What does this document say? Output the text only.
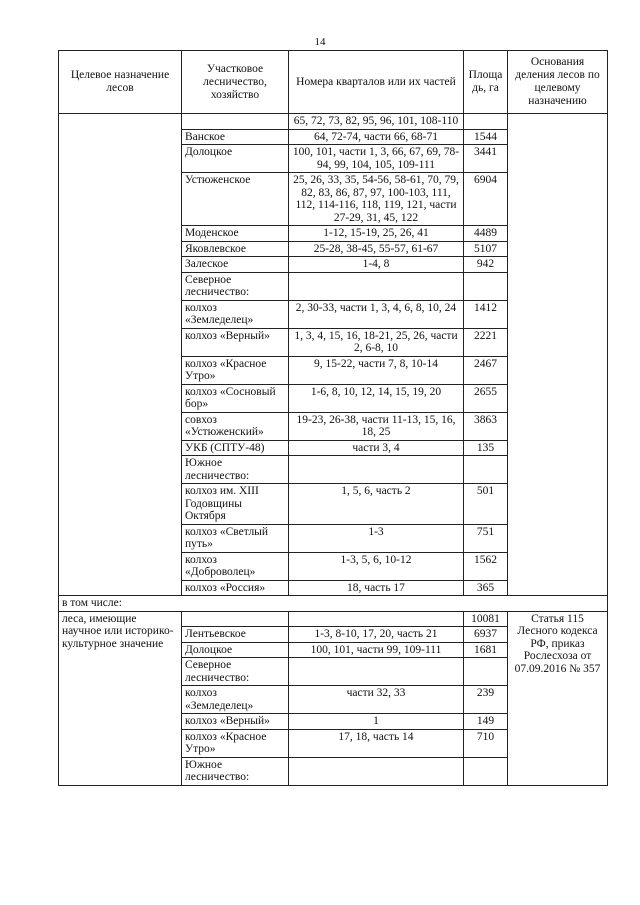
14
Целевое назначение лесов	Участковое лесничество, хозяйство	Номера кварталов или их частей	Площадь, га	Основания деления лесов по целевому назначению
		65, 72, 73, 82, 95, 96, 101, 108-110		
	Ванское	64, 72-74, части 66, 68-71	1544	
	Долоцкое	100, 101, части 1, 3, 66, 67, 69, 78-94, 99, 104, 105, 109-111	3441	
	Устюженское	25, 26, 33, 35, 54-56, 58-61, 70, 79, 82, 83, 86, 87, 97, 100-103, 111, 112, 114-116, 118, 119, 121, части 27-29, 31, 45, 122	6904	
	Моденское	1-12, 15-19, 25, 26, 41	4489	
	Яковлевское	25-28, 38-45, 55-57, 61-67	5107	
	Залеское	1-4, 8	942	
	Северное лесничество:			
	колхоз «Земледелец»	2, 30-33, части 1, 3, 4, 6, 8, 10, 24	1412	
	колхоз «Верный»	1, 3, 4, 15, 16, 18-21, 25, 26, части 2, 6-8, 10	2221	
	колхоз «Красное Утро»	9, 15-22, части 7, 8, 10-14	2467	
	колхоз «Сосновый бор»	1-6, 8, 10, 12, 14, 15, 19, 20	2655	
	совхоз «Устюженский»	19-23, 26-38, части 11-13, 15, 16, 18, 25	3863	
	УКБ (СПТУ-48)	части 3, 4	135	
	Южное лесничество:			
	колхоз им. XIII Годовщины Октября	1, 5, 6, часть 2	501	
	колхоз «Светлый путь»	1-3	751	
	колхоз «Доброволец»	1-3, 5, 6, 10-12	1562	
	колхоз «Россия»	18, часть 17	365	
в том числе:				
леса, имеющие научное или историко-культурное значение			10081	Статья 115 Лесного кодекса РФ, приказ Рослесхоза от 07.09.2016 № 357
	Лентьевское	1-3, 8-10, 17, 20, часть 21	6937	
	Долоцкое	100, 101, части 99, 109-111	1681	
	Северное лесничество:			
	колхоз «Земледелец»	части 32, 33	239	
	колхоз «Верный»	1	149	
	колхоз «Красное Утро»	17, 18, часть 14	710	
	Южное лесничество:			
